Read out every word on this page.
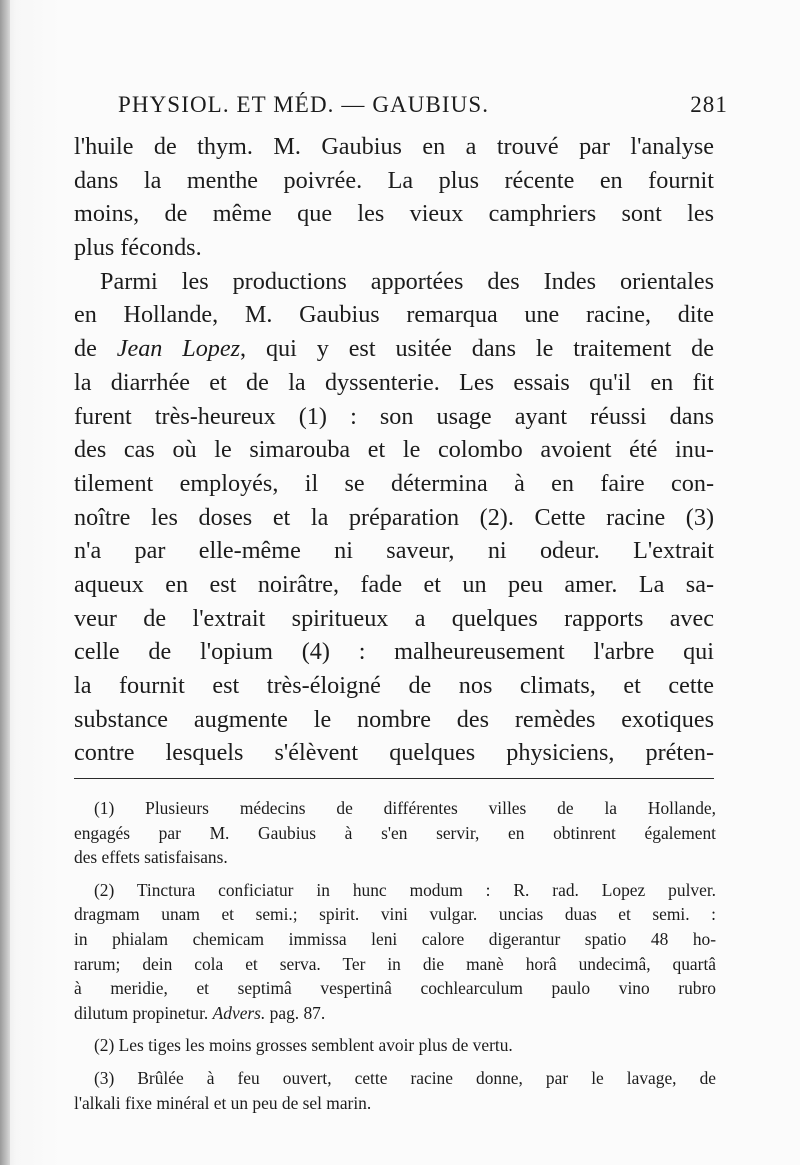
PHYSIOL. ET MÉD. — GAUBIUS.	281
l'huile de thym. M. Gaubius en a trouvé par l'analyse
dans la menthe poivrée. La plus récente en fournit
moins, de même que les vieux camphriers sont les
plus féconds.
Parmi les productions apportées des Indes orientales
en Hollande, M. Gaubius remarqua une racine, dite
de Jean Lopez, qui y est usitée dans le traitement de
la diarrhée et de la dyssenterie. Les essais qu'il en fit
furent très-heureux (1) : son usage ayant réussi dans
des cas où le simarouba et le colombo avoient été inu-
tilement employés, il se détermina à en faire con-
noître les doses et la préparation (2). Cette racine (3)
n'a par elle-même ni saveur, ni odeur. L'extrait
aqueux en est noirâtre, fade et un peu amer. La sa-
veur de l'extrait spiritueux a quelques rapports avec
celle de l'opium (4) : malheureusement l'arbre qui
la fournit est très-éloigné de nos climats, et cette
substance augmente le nombre des remèdes exotiques
contre lesquels s'élèvent quelques physiciens, préten-
(1) Plusieurs médecins de différentes villes de la Hollande,
engagés par M. Gaubius à s'en servir, en obtinrent également
des effets satisfaisans.
(2) Tinctura conficiatur in hunc modum : R. rad. Lopez pulver.
dragmam unam et semi.; spirit. vini vulgar. uncias duas et semi. :
in phialam chemicam immissa leni calore digerantur spatio 48 ho-
rarum; dein cola et serva. Ter in die manè horâ undecimâ, quartâ
à meridie, et septimâ vespertinâ cochlearculum paulo vino rubro
dilutum propinetur. Advers. pag. 87.
(2) Les tiges les moins grosses semblent avoir plus de vertu.
(3) Brûlée à feu ouvert, cette racine donne, par le lavage, de
l'alkali fixe minéral et un peu de sel marin.
